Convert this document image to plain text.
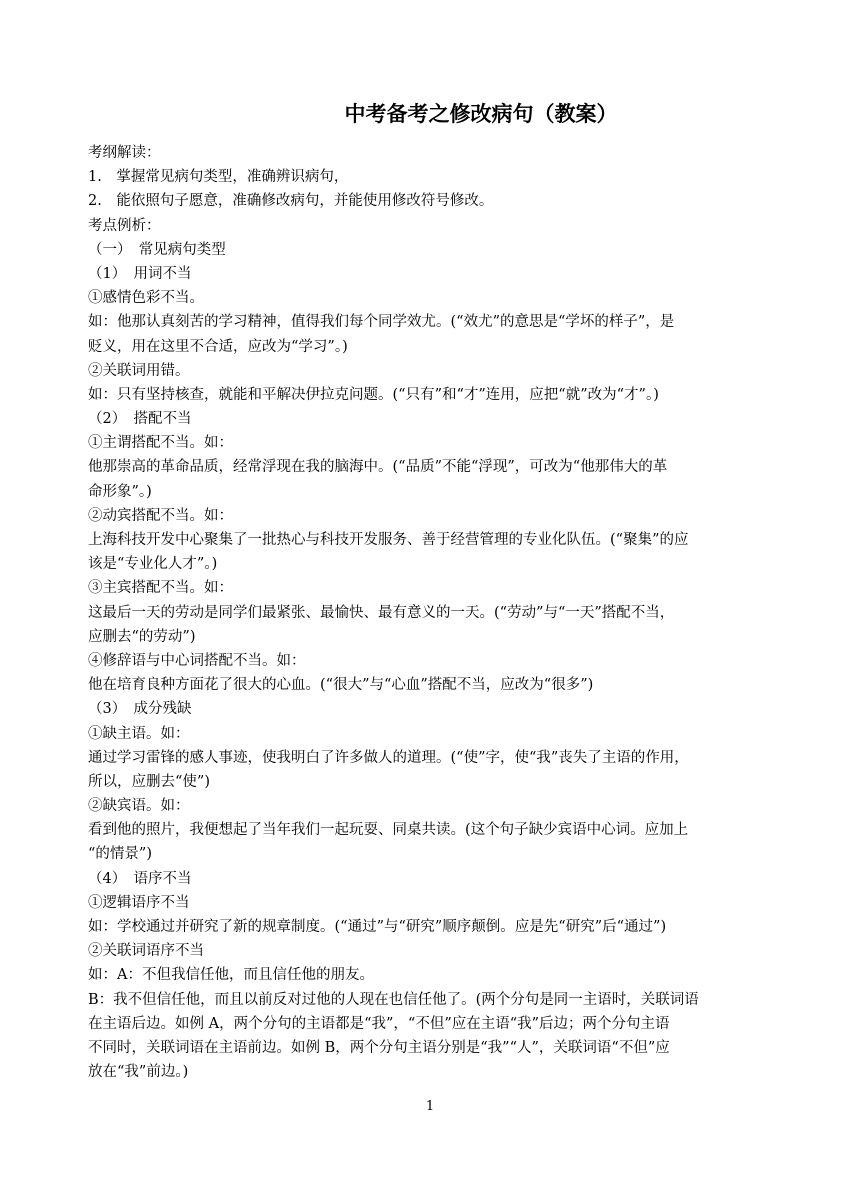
中考备考之修改病句（教案）
考纲解读：
1.　掌握常见病句类型，准确辨识病句，
2.　能依照句子愿意，准确修改病句，并能使用修改符号修改。
考点例析：
（一） 常见病句类型
（1） 用词不当
①感情色彩不当。
如：他那认真刻苦的学习精神，值得我们每个同学效尤。(“效尤”的意思是“学坏的样子”，是
贬义，用在这里不合适，应改为“学习”。)
②关联词用错。
如：只有坚持核查，就能和平解决伊拉克问题。(“只有”和“才”连用，应把“就”改为“才”。)
（2） 搭配不当
①主谓搭配不当。如：
他那崇高的革命品质，经常浮现在我的脑海中。(“品质”不能“浮现”，可改为“他那伟大的革
命形象”。)
②动宾搭配不当。如：
上海科技开发中心聚集了一批热心与科技开发服务、善于经营管理的专业化队伍。(“聚集”的应
该是“专业化人才”。)
③主宾搭配不当。如：
这最后一天的劳动是同学们最紧张、最愉快、最有意义的一天。(“劳动”与“一天”搭配不当，
应删去“的劳动”)
④修辞语与中心词搭配不当。如：
他在培育良种方面花了很大的心血。(“很大”与“心血”搭配不当，应改为“很多”)
（3） 成分残缺
①缺主语。如：
通过学习雷锋的感人事迹，使我明白了许多做人的道理。(“使”字，使“我”丧失了主语的作用，
所以，应删去“使”)
②缺宾语。如：
看到他的照片，我便想起了当年我们一起玩耍、同桌共读。(这个句子缺少宾语中心词。应加上
“的情景”)
（4） 语序不当
①逻辑语序不当
如：学校通过并研究了新的规章制度。(“通过”与“研究”顺序颠倒。应是先“研究”后“通过”)
②关联词语序不当
如：A：不但我信任他，而且信任他的朋友。
B：我不但信任他，而且以前反对过他的人现在也信任他了。(两个分句是同一主语时，关联词语
在主语后边。如例 A，两个分句的主语都是“我”，“不但”应在主语“我”后边；两个分句主语
不同时，关联词语在主语前边。如例 B，两个分句主语分别是“我”“人”，关联词语“不但”应
放在“我”前边。)
1
